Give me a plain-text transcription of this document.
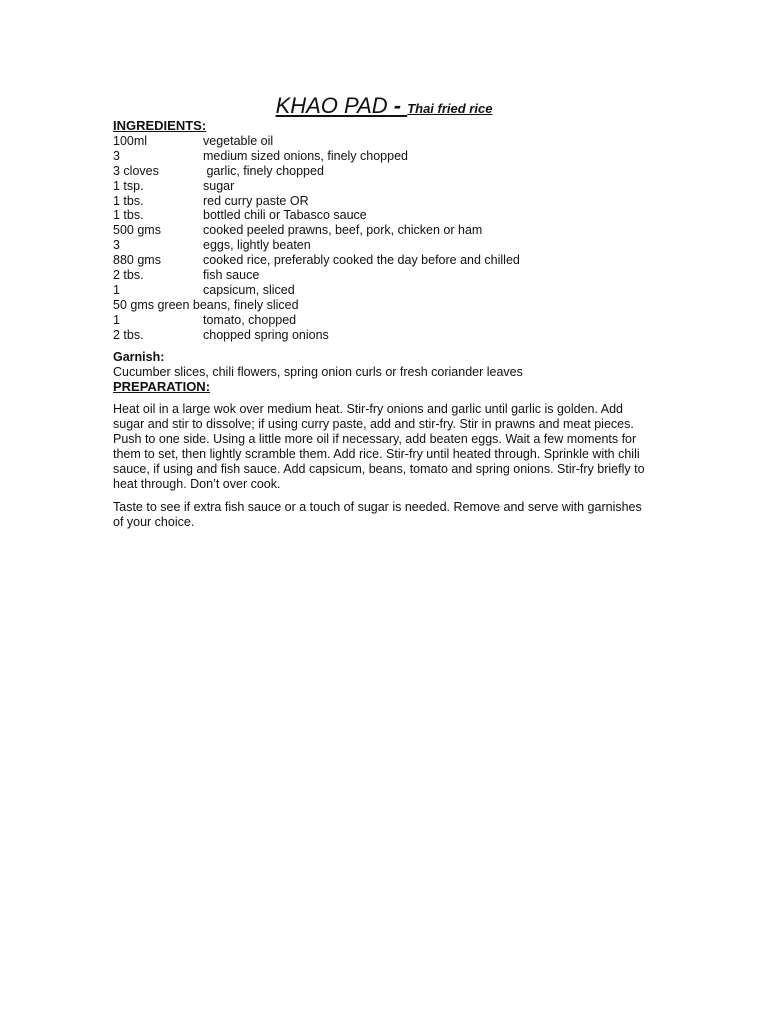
KHAO PAD - Thai fried rice
INGREDIENTS:
100ml	vegetable oil
3	medium sized onions, finely chopped
3 cloves	garlic, finely chopped
1 tsp.	sugar
1 tbs.	red curry paste OR
1 tbs.	bottled chili or Tabasco sauce
500 gms	cooked peeled prawns, beef, pork, chicken or ham
3	eggs, lightly beaten
880 gms	cooked rice, preferably cooked the day before and chilled
2 tbs.	fish sauce
1	capsicum, sliced
50 gms green beans, finely sliced
1	tomato, chopped
2 tbs.	chopped spring onions
Garnish:
Cucumber slices, chili flowers, spring onion curls or fresh coriander leaves
PREPARATION:

Heat oil in a large wok over medium heat. Stir-fry onions and garlic until garlic is golden. Add sugar and stir to dissolve; if using curry paste, add and stir-fry. Stir in prawns and meat pieces. Push to one side. Using a little more oil if necessary, add beaten eggs. Wait a few moments for them to set, then lightly scramble them. Add rice. Stir-fry until heated through. Sprinkle with chili sauce, if using and fish sauce. Add capsicum, beans, tomato and spring onions. Stir-fry briefly to heat through. Don’t over cook.

Taste to see if extra fish sauce or a touch of sugar is needed. Remove and serve with garnishes of your choice.
